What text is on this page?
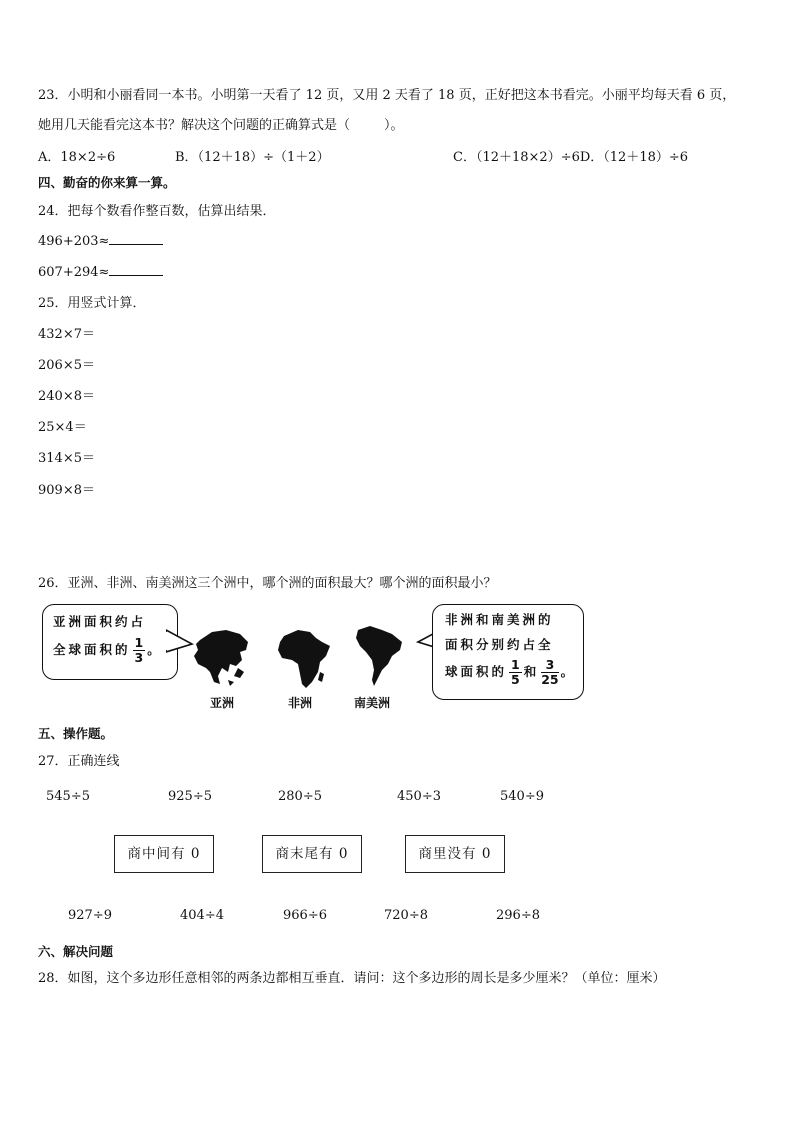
23．小明和小丽看同一本书。小明第一天看了 12 页，又用 2 天看了 18 页，正好把这本书看完。小丽平均每天看 6 页，
她用几天能看完这本书？解决这个问题的正确算式是（	）。
A．18×2÷6	B．（12＋18）÷（1＋2）	C．（12＋18×2）÷6D．（12＋18）÷6
四、勤奋的你来算一算。
24．把每个数看作整百数，估算出结果．
496+203≈
607+294≈
25．用竖式计算．
432×7＝
206×5＝
240×8＝
25×4＝
314×5＝
909×8＝
26．亚洲、非洲、南美洲这三个洲中，哪个洲的面积最大？哪个洲的面积最小？
亚洲面积约占
全球面积的 $\frac{1}{3}$ 。
亚洲	非洲	南美洲
非洲和南美洲的
面积分别约占全
球面积的 $\frac{1}{5}$ 和 $\frac{3}{25}$ 。
五、操作题。
27．正确连线
545÷5	925÷5	280÷5	450÷3	540÷9
商中间有 0	商末尾有 0	商里没有 0
927÷9	404÷4	966÷6	720÷8	296÷8
六、解决问题
28．如图，这个多边形任意相邻的两条边都相互垂直．请问：这个多边形的周长是多少厘米？（单位：厘米）
